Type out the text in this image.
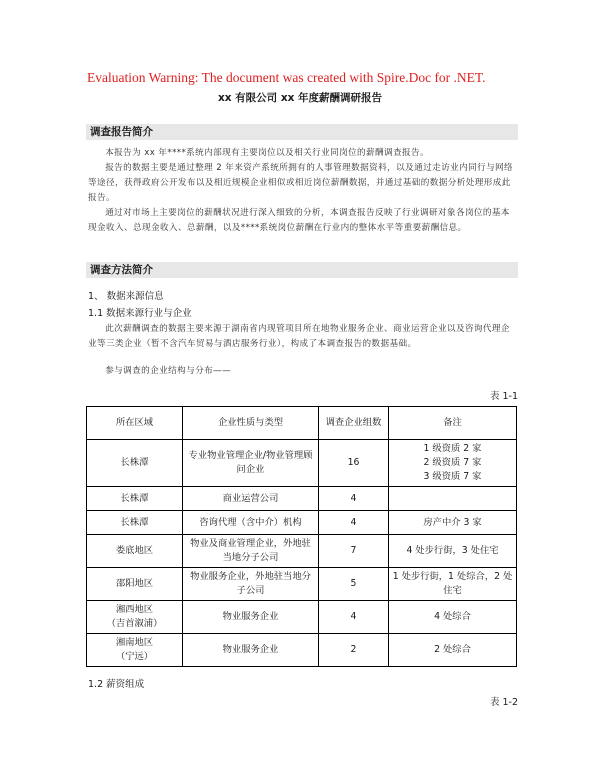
Evaluation Warning: The document was created with Spire.Doc for .NET.
xx 有限公司 xx 年度薪酬调研报告
调查报告简介
本报告为 xx 年****系统内部现有主要岗位以及相关行业同岗位的薪酬调查报告。
报告的数据主要是通过整理 2 年来资产系统所拥有的人事管理数据资料，以及通过走访业内同行与网络等途径，获得政府公开发布以及相近规模企业相似或相近岗位薪酬数据，并通过基础的数据分析处理形成此报告。
通过对市场上主要岗位的薪酬状况进行深入细致的分析，本调查报告反映了行业调研对象各岗位的基本现金收入、总现金收入、总薪酬，以及****系统岗位薪酬在行业内的整体水平等重要薪酬信息。
调查方法简介
1、 数据来源信息
1.1 数据来源行业与企业
此次薪酬调查的数据主要来源于湖南省内现管项目所在地物业服务企业、商业运营企业以及咨询代理企业等三类企业（暂不含汽车贸易与酒店服务行业），构成了本调查报告的数据基础。
参与调查的企业结构与分布——
表 1-1
所在区域	企业性质与类型	调查企业组数	备注
长株潭	专业物业管理企业/物业管理顾问企业	16	1 级资质 2 家
2 级资质 7 家
3 级资质 7 家
长株潭	商业运营公司	4	
长株潭	咨询代理（含中介）机构	4	房产中介 3 家
娄底地区	物业及商业管理企业，外地驻当地分子公司	7	4 处步行街，3 处住宅
邵阳地区	物业服务企业，外地驻当地分子公司	5	1 处步行街，1 处综合，2 处住宅
湘西地区
（吉首溆浦）	物业服务企业	4	4 处综合
湘南地区
（宁远）	物业服务企业	2	2 处综合
1.2 薪资组成
表 1-2
